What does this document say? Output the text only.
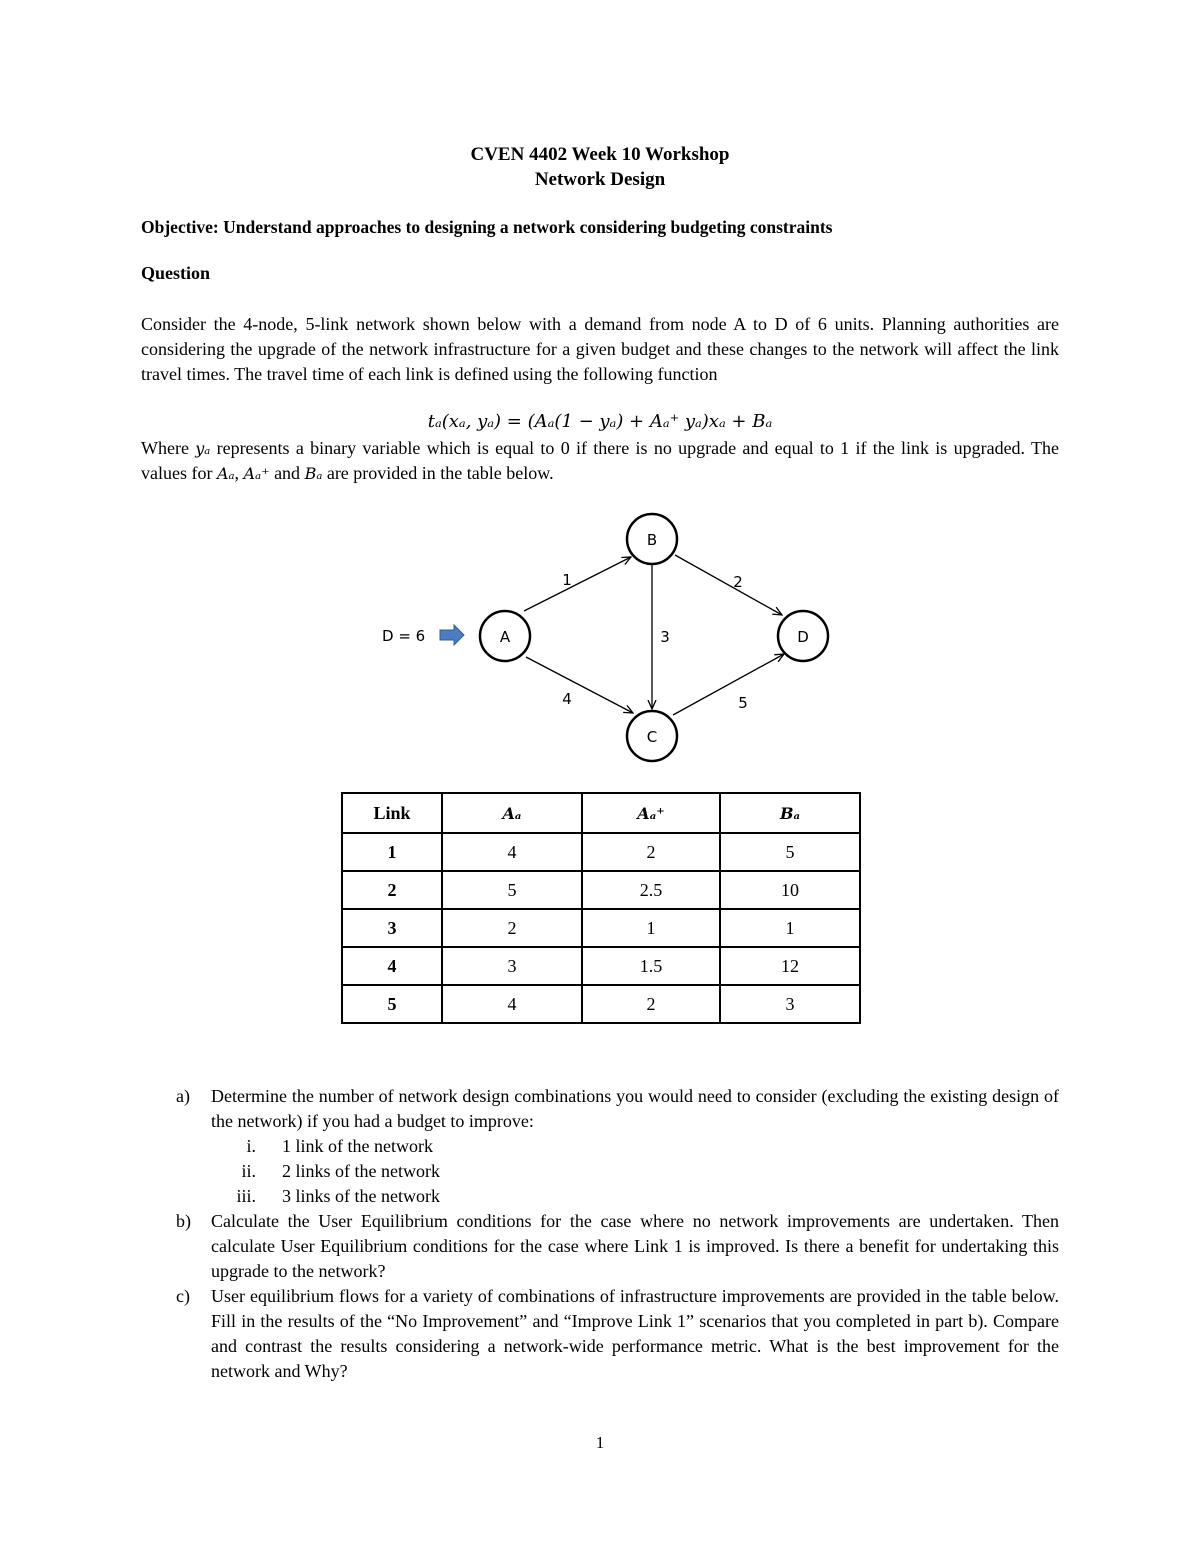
CVEN 4402 Week 10 Workshop
Network Design
Objective: Understand approaches to designing a network considering budgeting constraints
Question
Consider the 4-node, 5-link network shown below with a demand from node A to D of 6 units. Planning authorities are considering the upgrade of the network infrastructure for a given budget and these changes to the network will affect the link travel times. The travel time of each link is defined using the following function
tₐ(xₐ, yₐ) = (Aₐ(1 − yₐ) + Aₐ⁺ yₐ)xₐ + Bₐ
Where yₐ represents a binary variable which is equal to 0 if there is no upgrade and equal to 1 if the link is upgraded. The values for Aₐ, Aₐ⁺ and Bₐ are provided in the table below.
A
B
C
D
1	2
3
4	5
D = 6
Link	Aₐ	Aₐ⁺	Bₐ
1	4	2	5
2	5	2.5	10
3	2	1	1
4	3	1.5	12
5	4	2	3
a) Determine the number of network design combinations you would need to consider (excluding the existing design of the network) if you had a budget to improve:
i. 1 link of the network
ii. 2 links of the network
iii. 3 links of the network
b) Calculate the User Equilibrium conditions for the case where no network improvements are undertaken. Then calculate User Equilibrium conditions for the case where Link 1 is improved. Is there a benefit for undertaking this upgrade to the network?
c) User equilibrium flows for a variety of combinations of infrastructure improvements are provided in the table below. Fill in the results of the “No Improvement” and “Improve Link 1” scenarios that you completed in part b). Compare and contrast the results considering a network-wide performance metric. What is the best improvement for the network and Why?
1
